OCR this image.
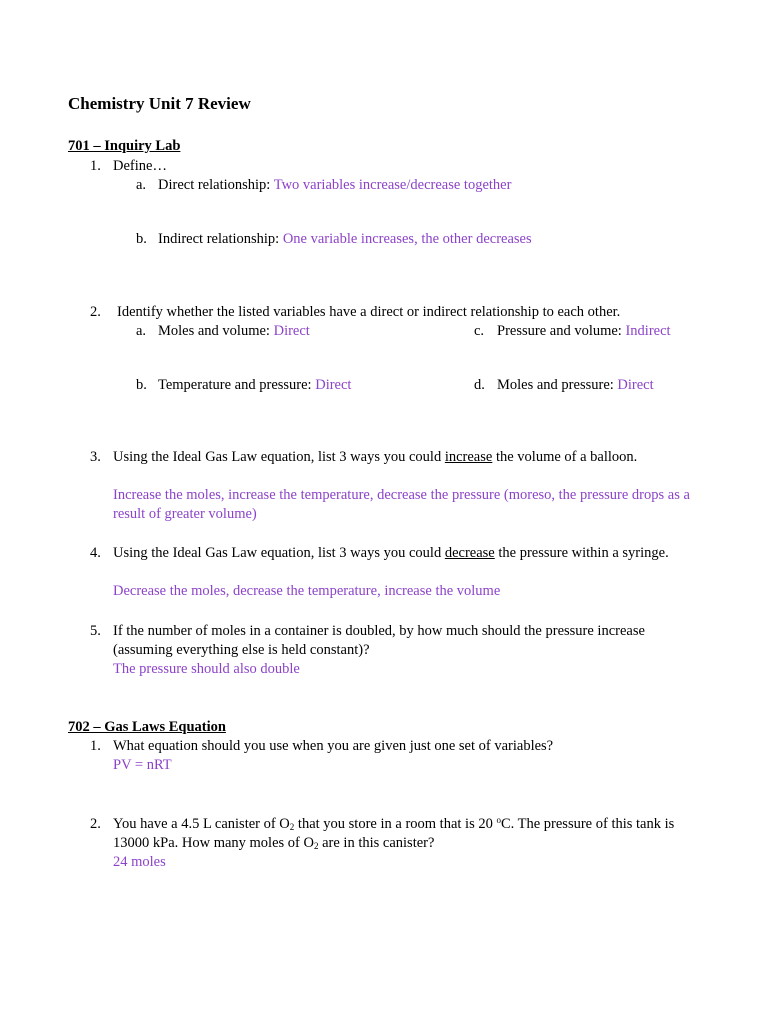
Chemistry Unit 7 Review
701 – Inquiry Lab
1. Define…
a. Direct relationship: Two variables increase/decrease together
b. Indirect relationship: One variable increases, the other decreases
2. Identify whether the listed variables have a direct or indirect relationship to each other.
a. Moles and volume: Direct	c. Pressure and volume: Indirect
b. Temperature and pressure: Direct	d. Moles and pressure: Direct
3. Using the Ideal Gas Law equation, list 3 ways you could increase the volume of a balloon.
Increase the moles, increase the temperature, decrease the pressure (moreso, the pressure drops as a result of greater volume)
4. Using the Ideal Gas Law equation, list 3 ways you could decrease the pressure within a syringe.
Decrease the moles, decrease the temperature, increase the volume
5. If the number of moles in a container is doubled, by how much should the pressure increase (assuming everything else is held constant)?
The pressure should also double
702 – Gas Laws Equation
1. What equation should you use when you are given just one set of variables?
PV = nRT
2. You have a 4.5 L canister of $O_2$ that you store in a room that is 20 $^o$C. The pressure of this tank is 13000 kPa. How many moles of $O_2$ are in this canister?
24 moles
